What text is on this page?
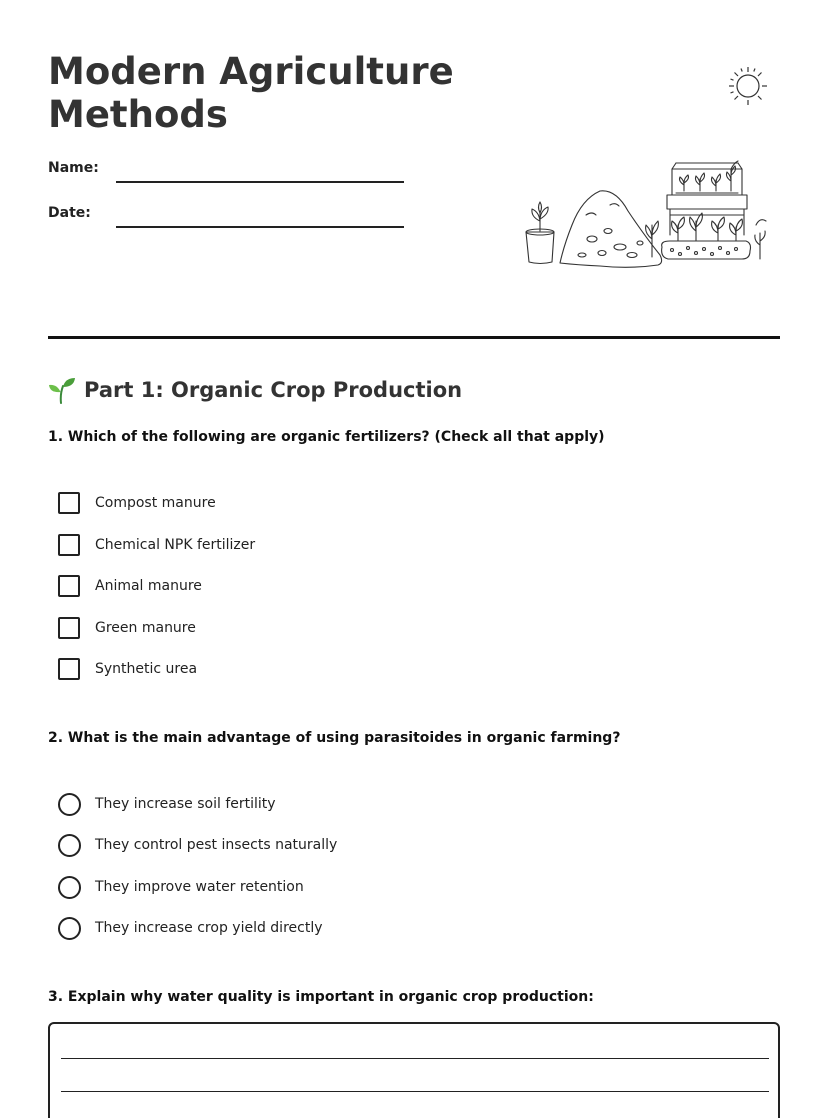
Modern Agriculture Methods
Name:
Date:
Part 1: Organic Crop Production
1. Which of the following are organic fertilizers? (Check all that apply)
Compost manure
Chemical NPK fertilizer
Animal manure
Green manure
Synthetic urea
2. What is the main advantage of using parasitoides in organic farming?
They increase soil fertility
They control pest insects naturally
They improve water retention
They increase crop yield directly
3. Explain why water quality is important in organic crop production:
